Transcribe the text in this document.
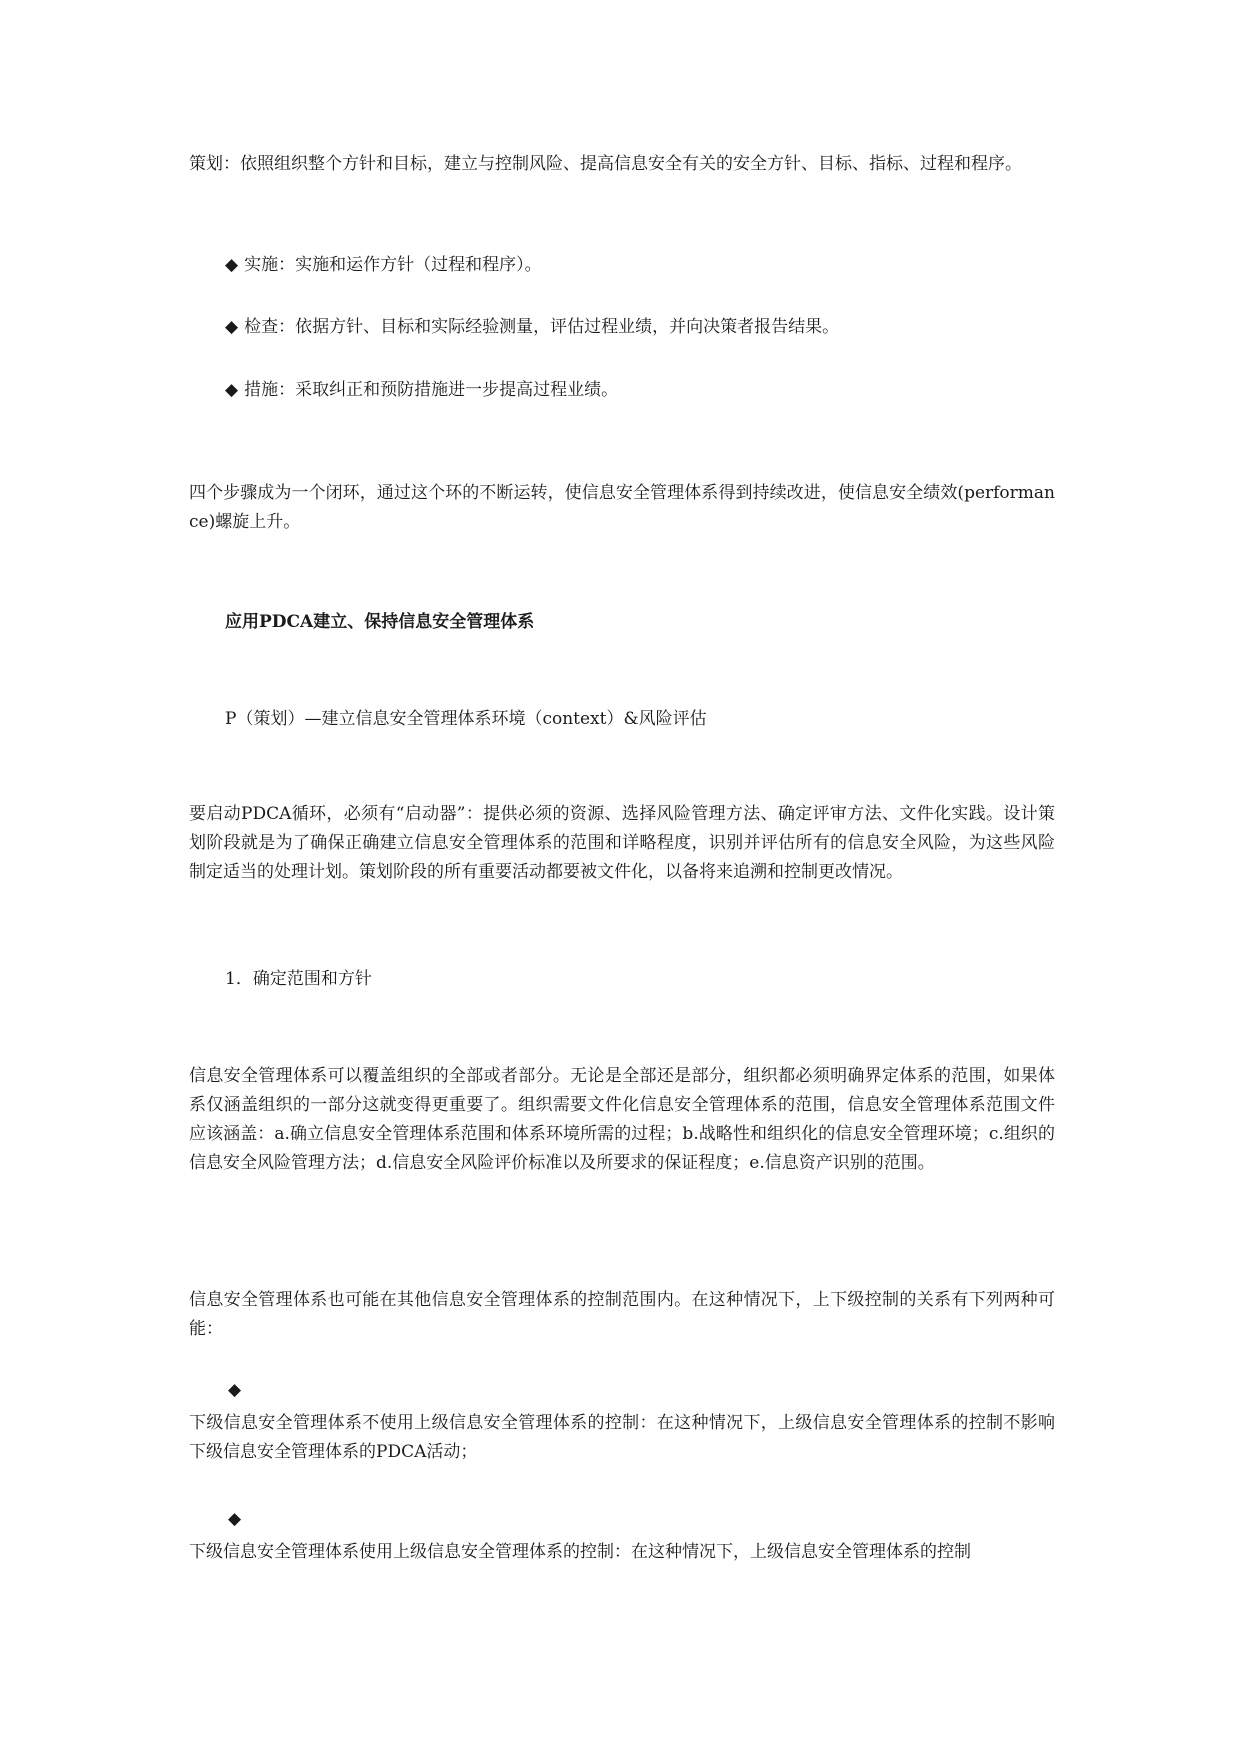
策划：依照组织整个方针和目标，建立与控制风险、提高信息安全有关的安全方针、目标、指标、过程和程序。

◆ 实施：实施和运作方针（过程和程序）。

◆ 检查：依据方针、目标和实际经验测量，评估过程业绩，并向决策者报告结果。

◆ 措施：采取纠正和预防措施进一步提高过程业绩。

四个步骤成为一个闭环，通过这个环的不断运转，使信息安全管理体系得到持续改进，使信息安全绩效(performance)螺旋上升。

应用PDCA建立、保持信息安全管理体系

P（策划）—建立信息安全管理体系环境（context）&风险评估

要启动PDCA循环，必须有“启动器”：提供必须的资源、选择风险管理方法、确定评审方法、文件化实践。设计策划阶段就是为了确保正确建立信息安全管理体系的范围和详略程度，识别并评估所有的信息安全风险，为这些风险制定适当的处理计划。策划阶段的所有重要活动都要被文件化，以备将来追溯和控制更改情况。

1．确定范围和方针

信息安全管理体系可以覆盖组织的全部或者部分。无论是全部还是部分，组织都必须明确界定体系的范围，如果体系仅涵盖组织的一部分这就变得更重要了。组织需要文件化信息安全管理体系的范围，信息安全管理体系范围文件应该涵盖：a.确立信息安全管理体系范围和体系环境所需的过程；b.战略性和组织化的信息安全管理环境；c.组织的信息安全风险管理方法；d.信息安全风险评价标准以及所要求的保证程度；e.信息资产识别的范围。

信息安全管理体系也可能在其他信息安全管理体系的控制范围内。在这种情况下，上下级控制的关系有下列两种可能：

◆

下级信息安全管理体系不使用上级信息安全管理体系的控制：在这种情况下，上级信息安全管理体系的控制不影响下级信息安全管理体系的PDCA活动；

◆

下级信息安全管理体系使用上级信息安全管理体系的控制：在这种情况下，上级信息安全管理体系的控制
